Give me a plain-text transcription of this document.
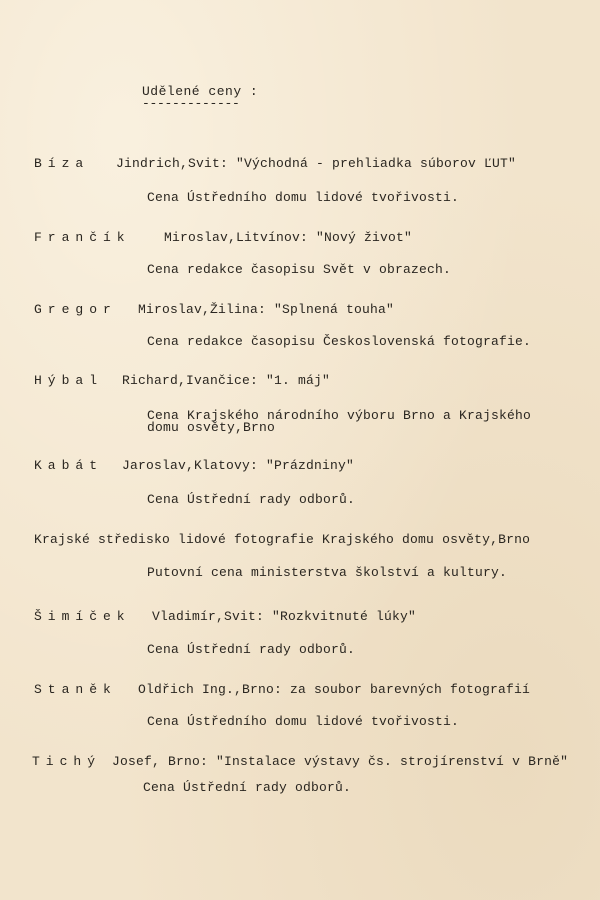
Udělené ceny :
-------------
Bíza Jindrich,Svit: "Východná - prehliadka súborov ĽUT"
Cena Ústředního domu lidové tvořivosti.
Frančík	Miroslav,Litvínov: "Nový život"
Cena redakce časopisu Svět v obrazech.
Gregor Miroslav,Žilina: "Splnená touha"
Cena redakce časopisu Československá fotografie.
Hýbal Richard,Ivančice: "1. máj"
Cena Krajského národního výboru Brno a Krajského
domu osvěty,Brno
Kabát Jaroslav,Klatovy: "Prázdniny"
Cena Ústřední rady odborů.
Krajské středisko lidové fotografie Krajského domu osvěty,Brno
Putovní cena ministerstva školství a kultury.
Šimíček Vladimír,Svit: "Rozkvitnuté lúky"
Cena Ústřední rady odborů.
Staněk Oldřich Ing.,Brno: za soubor barevných fotografií
Cena Ústředního domu lidové tvořivosti.
Tichý Josef, Brno: "Instalace výstavy čs. strojírenství v Brně"
Cena Ústřední rady odborů.
